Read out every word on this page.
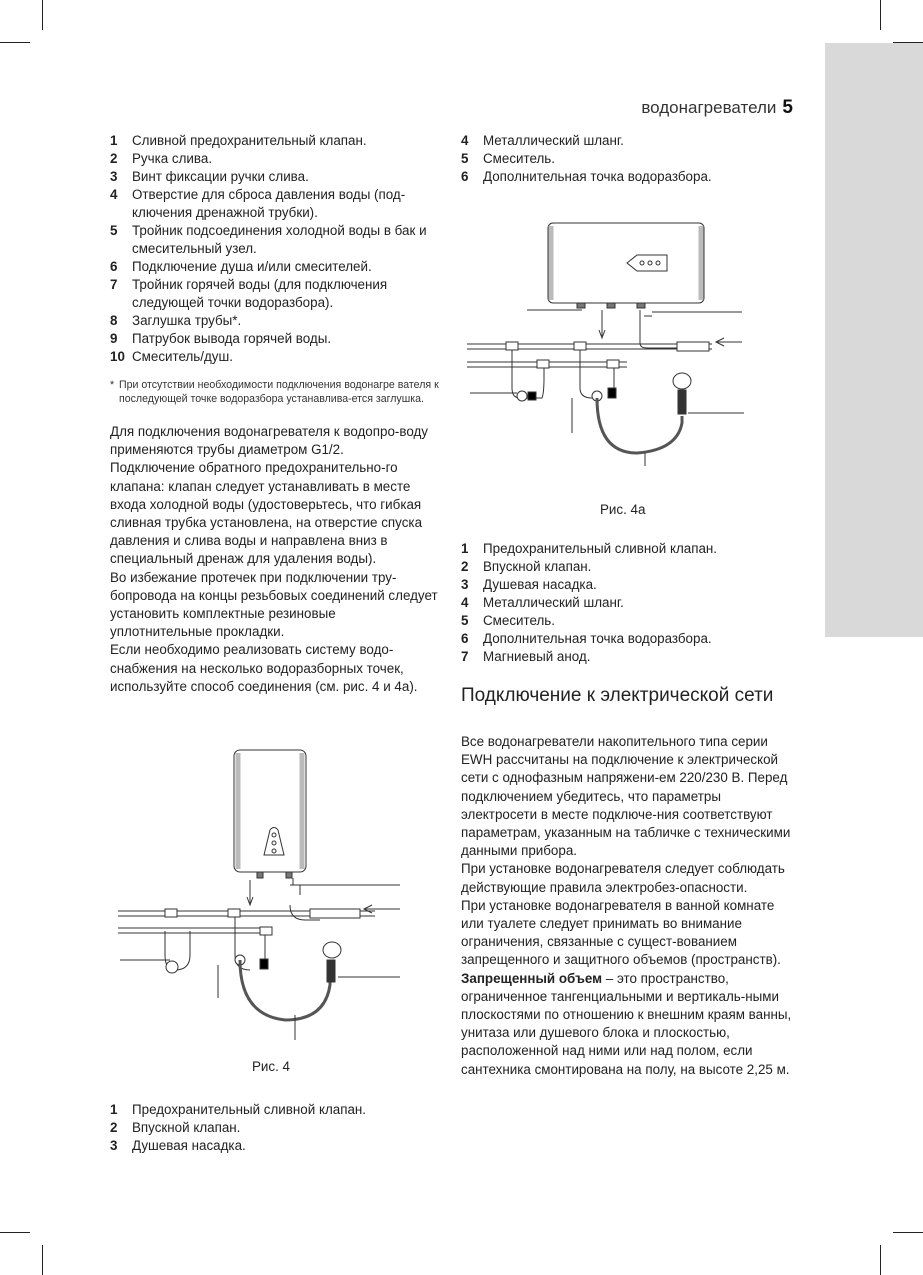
водонагреватели 5
1 Сливной предохранительный клапан.
2 Ручка слива.
3 Винт фиксации ручки слива.
4 Отверстие для сброса давления воды (под-ключения дренажной трубки).
5 Тройник подсоединения холодной воды в бак и смесительный узел.
6 Подключение душа и/или смесителей.
7 Тройник горячей воды (для подключения следующей точки водоразбора).
8 Заглушка трубы*.
9 Патрубок вывода горячей воды.
10 Смеситель/душ.
* При отсутствии необходимости подключения водонагре вателя к последующей точке водоразбора устанавлива-ется заглушка.

Для подключения водонагревателя к водопро-воду применяются трубы диаметром G1/2.

Подключение обратного предохранительно-го клапана: клапан следует устанавливать в месте входа холодной воды (удостоверьтесь, что гибкая сливная трубка установлена, на отверстие спуска давления и слива воды и направлена вниз в специальный дренаж для удаления воды).

Во избежание протечек при подключении тру-бопровода на концы резьбовых соединений следует установить комплектные резиновые уплотнительные прокладки.

Если необходимо реализовать систему водо-снабжения на несколько водоразборных точек, используйте способ соединения (см. рис. 4 и 4а).

Рис. 4
1 Предохранительный сливной клапан.
2 Впускной клапан.
3 Душевая насадка.
4 Металлический шланг.
5 Смеситель.
6 Дополнительная точка водоразбора.
Рис. 4а
1 Предохранительный сливной клапан.
2 Впускной клапан.
3 Душевая насадка.
4 Металлический шланг.
5 Смеситель.
6 Дополнительная точка водоразбора.
7 Магниевый анод.
Подключение к электрической сети

Все водонагреватели накопительного типа серии EWH рассчитаны на подключение к электрической сети с однофазным напряжени-ем 220/230 В. Перед подключением убедитесь, что параметры электросети в месте подключе-ния соответствуют параметрам, указанным на табличке с техническими данными прибора.

При установке водонагревателя следует соблюдать действующие правила электробез-опасности.

При установке водонагревателя в ванной комнате или туалете следует принимать во внимание ограничения, связанные с сущест-вованием запрещенного и защитного объемов (пространств).

Запрещенный объем – это пространство, ограниченное тангенциальными и вертикаль-ными плоскостями по отношению к внешним краям ванны, унитаза или душевого блока и плоскостью, расположенной над ними или над полом, если сантехника смонтирована на полу, на высоте 2,25 м.
